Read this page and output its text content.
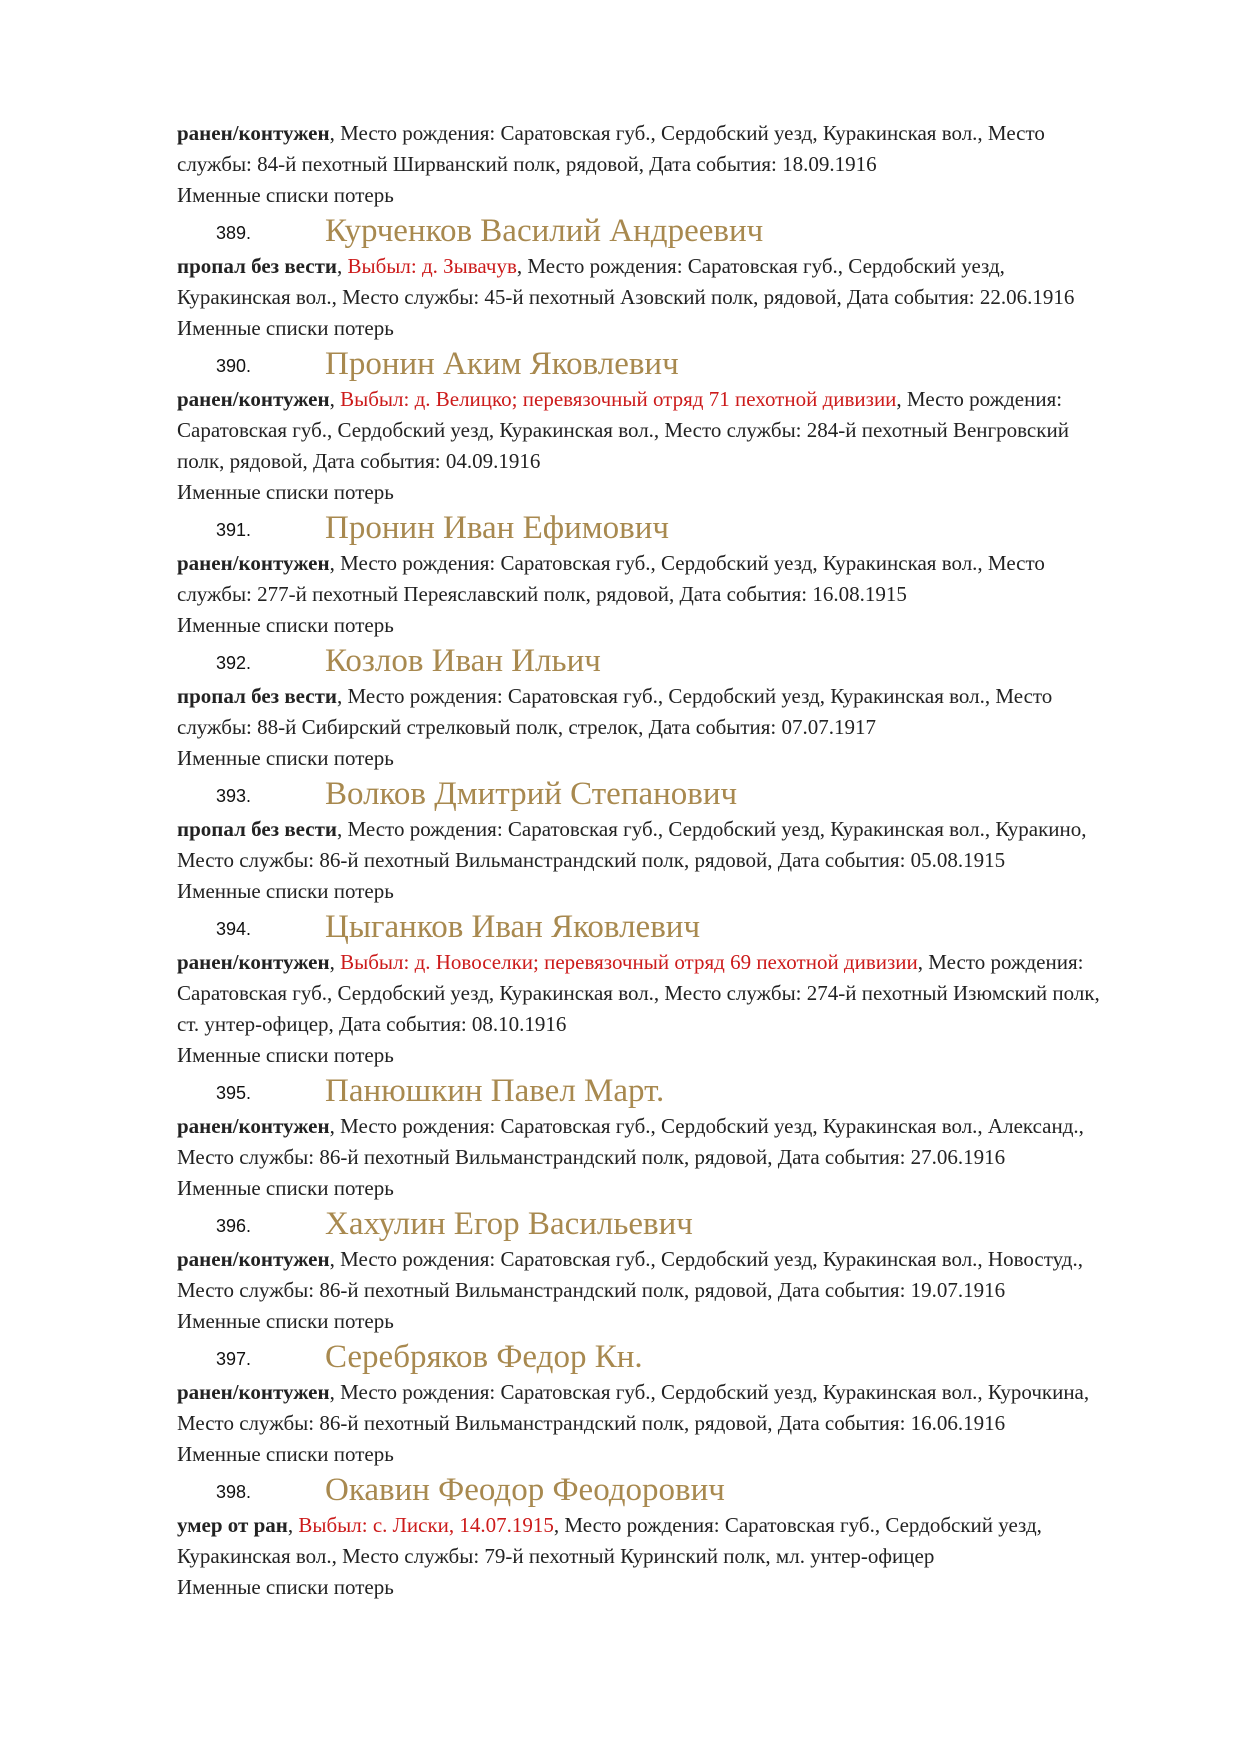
ранен/контужен, Место рождения: Саратовская губ., Сердобский уезд, Куракинская вол., Место
службы: 84-й пехотный Ширванский полк, рядовой, Дата события: 18.09.1916
Именные списки потерь
389. Курченков Василий Андреевич
пропал без вести, Выбыл: д. Зывачув, Место рождения: Саратовская губ., Сердобский уезд,
Куракинская вол., Место службы: 45-й пехотный Азовский полк, рядовой, Дата события: 22.06.1916
Именные списки потерь
390. Пронин Аким Яковлевич
ранен/контужен, Выбыл: д. Велицко; перевязочный отряд 71 пехотной дивизии, Место рождения:
Саратовская губ., Сердобский уезд, Куракинская вол., Место службы: 284-й пехотный Венгровский
полк, рядовой, Дата события: 04.09.1916
Именные списки потерь
391. Пронин Иван Ефимович
ранен/контужен, Место рождения: Саратовская губ., Сердобский уезд, Куракинская вол., Место
службы: 277-й пехотный Переяславский полк, рядовой, Дата события: 16.08.1915
Именные списки потерь
392. Козлов Иван Ильич
пропал без вести, Место рождения: Саратовская губ., Сердобский уезд, Куракинская вол., Место
службы: 88-й Сибирский стрелковый полк, стрелок, Дата события: 07.07.1917
Именные списки потерь
393. Волков Дмитрий Степанович
пропал без вести, Место рождения: Саратовская губ., Сердобский уезд, Куракинская вол., Куракино,
Место службы: 86-й пехотный Вильманстрандский полк, рядовой, Дата события: 05.08.1915
Именные списки потерь
394. Цыганков Иван Яковлевич
ранен/контужен, Выбыл: д. Новоселки; перевязочный отряд 69 пехотной дивизии, Место рождения:
Саратовская губ., Сердобский уезд, Куракинская вол., Место службы: 274-й пехотный Изюмский полк,
ст. унтер-офицер, Дата события: 08.10.1916
Именные списки потерь
395. Панюшкин Павел Март.
ранен/контужен, Место рождения: Саратовская губ., Сердобский уезд, Куракинская вол., Александ.,
Место службы: 86-й пехотный Вильманстрандский полк, рядовой, Дата события: 27.06.1916
Именные списки потерь
396. Хахулин Егор Васильевич
ранен/контужен, Место рождения: Саратовская губ., Сердобский уезд, Куракинская вол., Новостуд.,
Место службы: 86-й пехотный Вильманстрандский полк, рядовой, Дата события: 19.07.1916
Именные списки потерь
397. Серебряков Федор Кн.
ранен/контужен, Место рождения: Саратовская губ., Сердобский уезд, Куракинская вол., Курочкина,
Место службы: 86-й пехотный Вильманстрандский полк, рядовой, Дата события: 16.06.1916
Именные списки потерь
398. Окавин Феодор Феодорович
умер от ран, Выбыл: с. Лиски, 14.07.1915, Место рождения: Саратовская губ., Сердобский уезд,
Куракинская вол., Место службы: 79-й пехотный Куринский полк, мл. унтер-офицер
Именные списки потерь
